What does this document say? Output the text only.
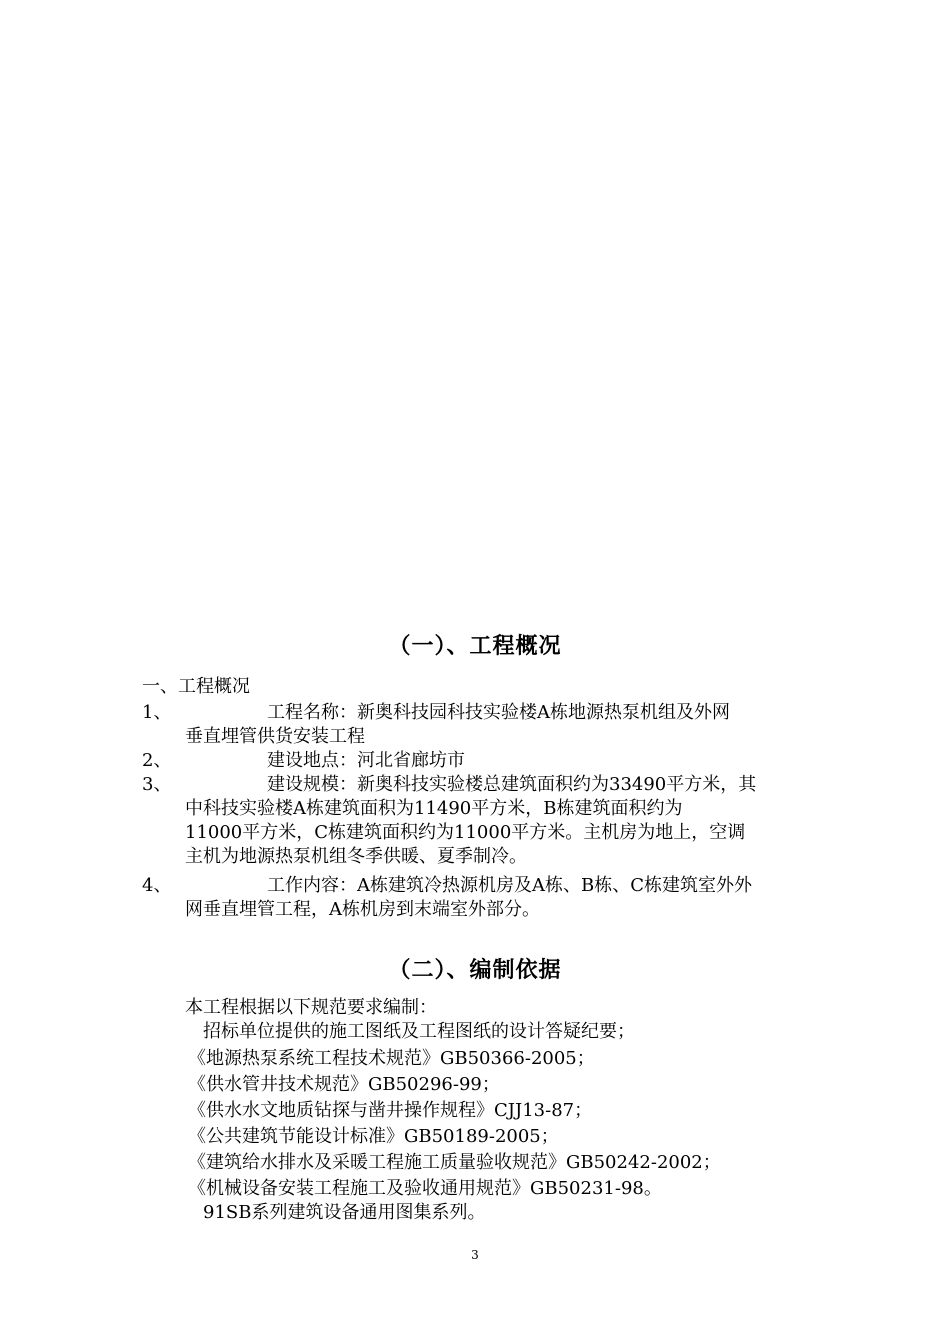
（一）、工程概况
一、工程概况
1、	工程名称：新奥科技园科技实验楼A栋地源热泵机组及外网
垂直埋管供货安装工程
2、	建设地点：河北省廊坊市
3、	建设规模：新奥科技实验楼总建筑面积约为33490平方米，其
中科技实验楼A栋建筑面积为11490平方米，B栋建筑面积约为
11000平方米，C栋建筑面积约为11000平方米。主机房为地上，空调
主机为地源热泵机组冬季供暖、夏季制冷。
4、	工作内容：A栋建筑冷热源机房及A栋、B栋、C栋建筑室外外
网垂直埋管工程，A栋机房到末端室外部分。
（二）、编制依据
本工程根据以下规范要求编制：
招标单位提供的施工图纸及工程图纸的设计答疑纪要；
《地源热泵系统工程技术规范》GB50366-2005；
《供水管井技术规范》GB50296-99；
《供水水文地质钻探与凿井操作规程》CJJ13-87；
《公共建筑节能设计标准》GB50189-2005；
《建筑给水排水及采暖工程施工质量验收规范》GB50242-2002；
《机械设备安装工程施工及验收通用规范》GB50231-98。
91SB系列建筑设备通用图集系列。
3
